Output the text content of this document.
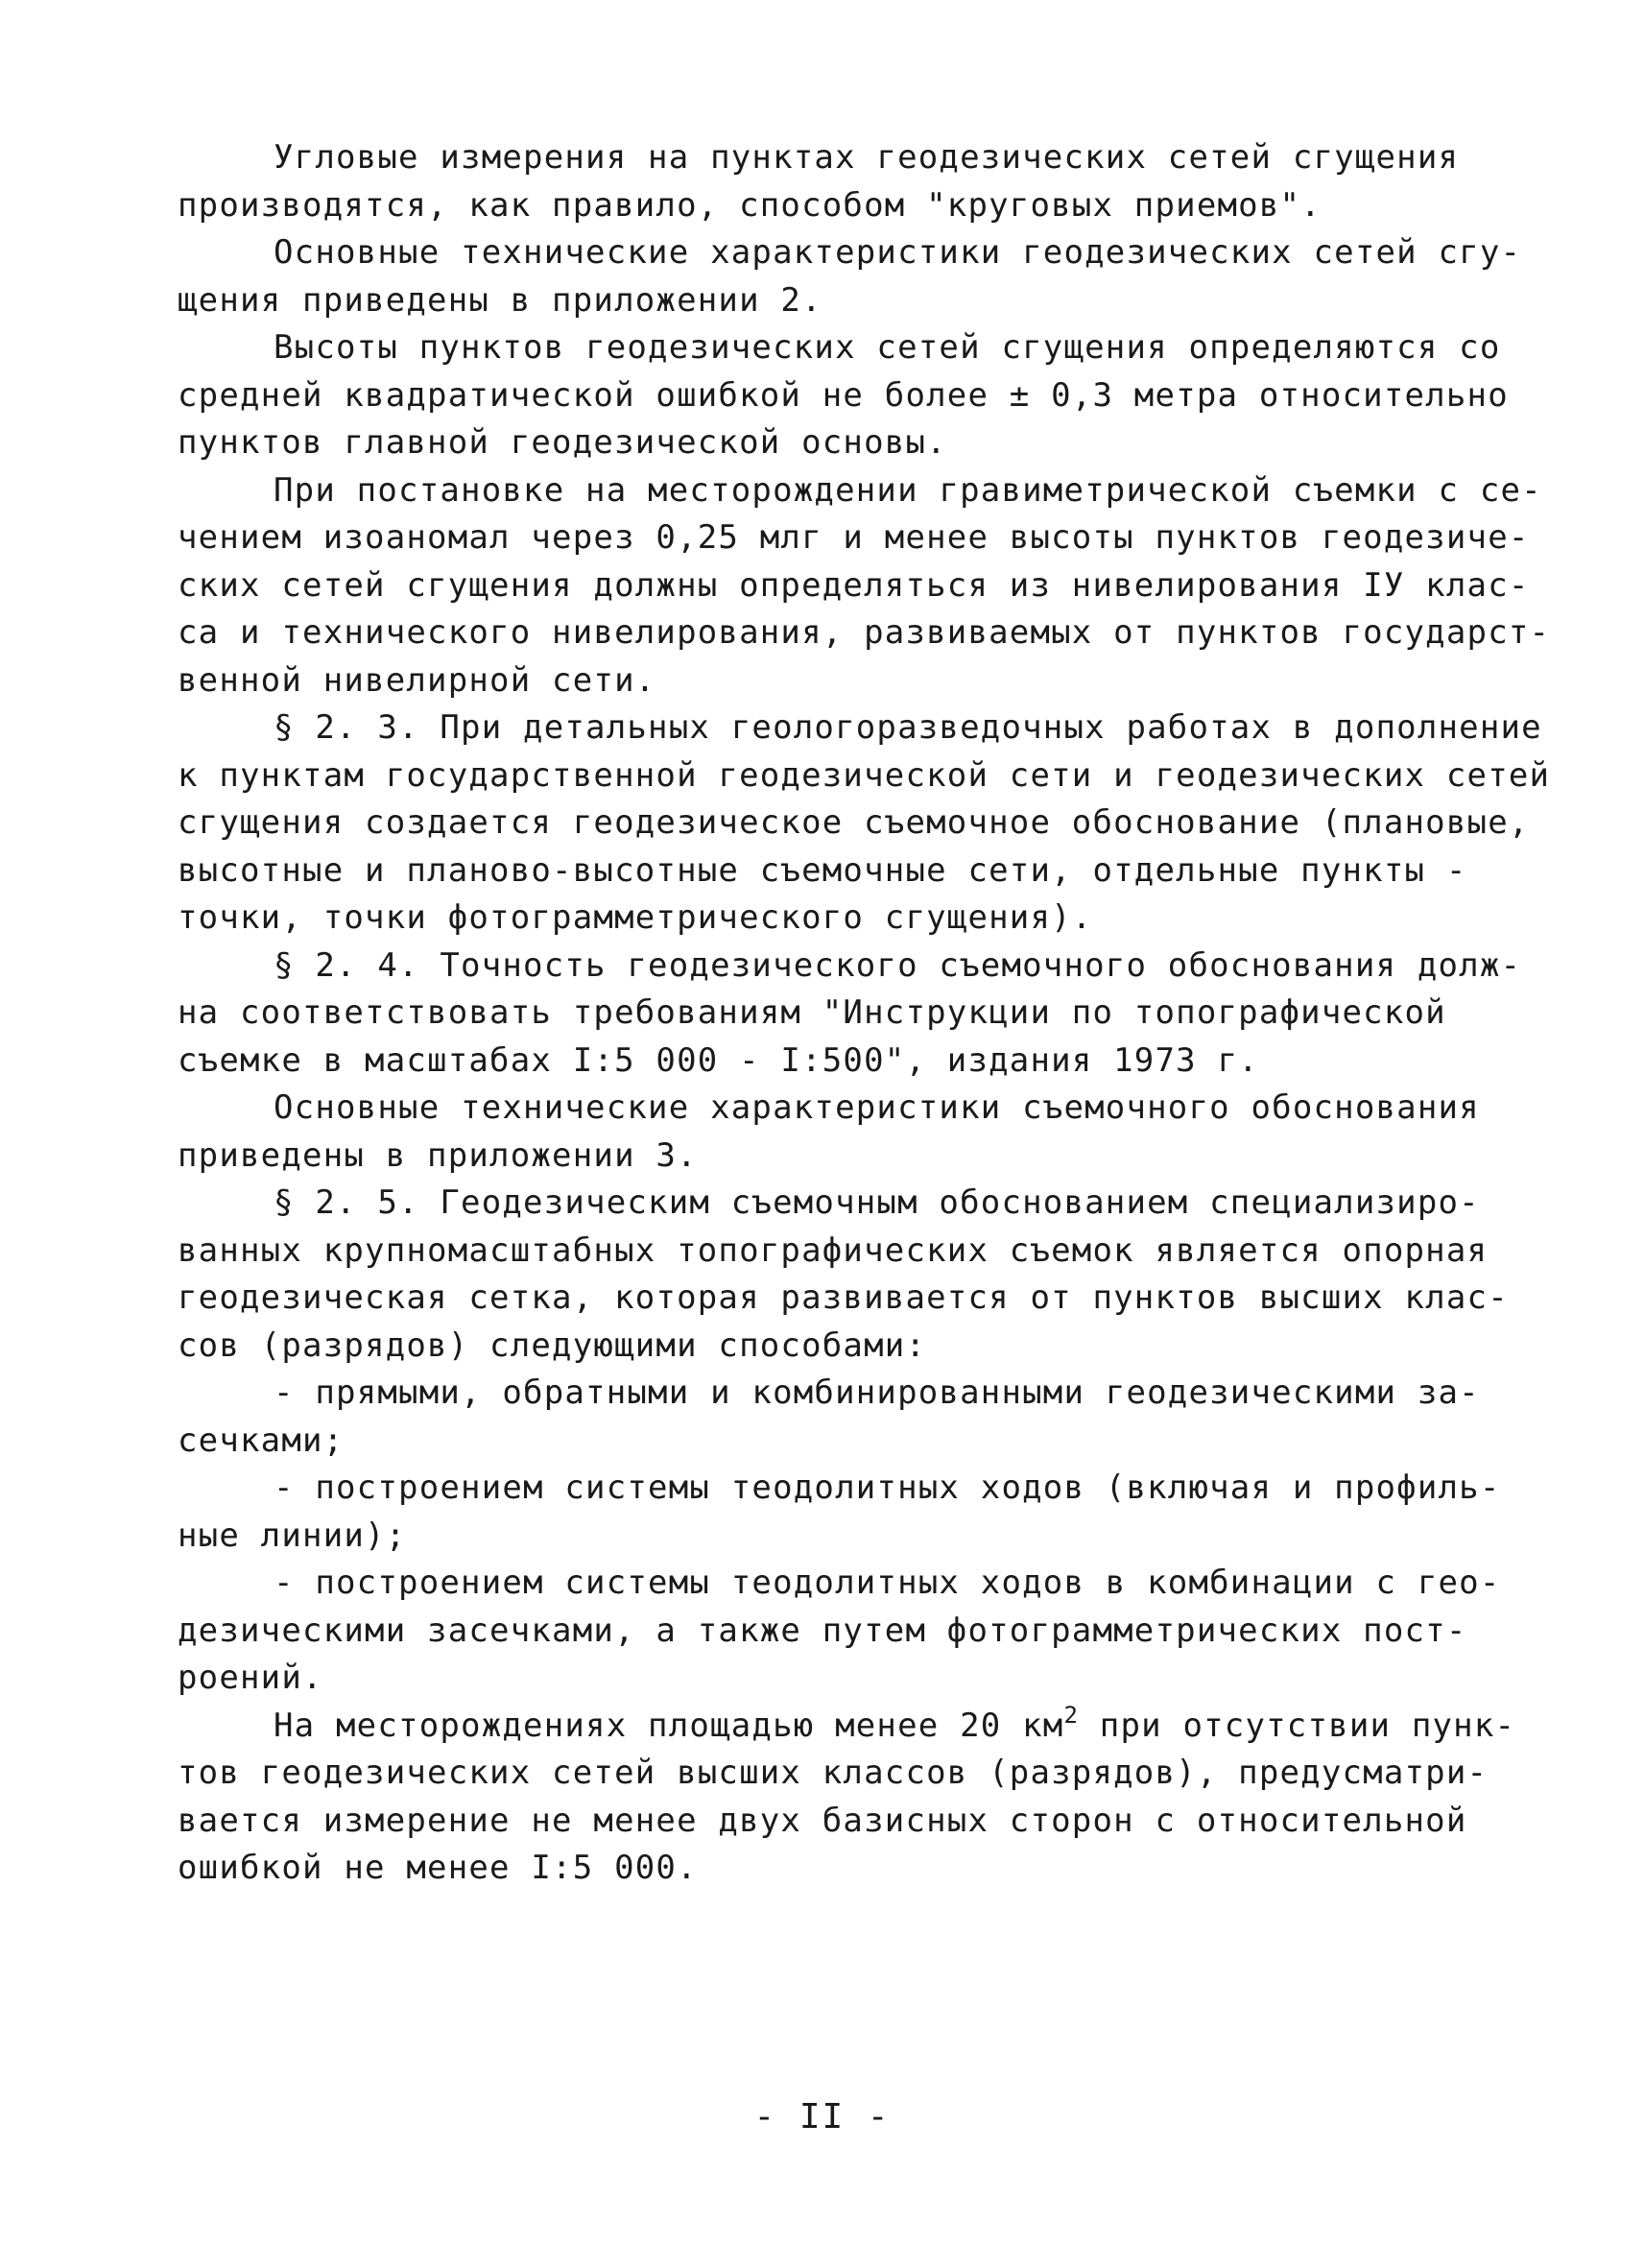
Угловые измерения на пунктах геодезических сетей сгущения
производятся, как правило, способом "круговых приемов".
Основные технические характеристики геодезических сетей сгу-
щения приведены в приложении 2.
Высоты пунктов геодезических сетей сгущения определяются со
средней квадратической ошибкой не более ± 0,3 метра относительно
пунктов главной геодезической основы.
При постановке на месторождении гравиметрической съемки с се-
чением изоаномал через 0,25 млг и менее высоты пунктов геодезиче-
ских сетей сгущения должны определяться из нивелирования IУ клас-
са и технического нивелирования, развиваемых от пунктов государст-
венной нивелирной сети.
§ 2. 3. При детальных геологоразведочных работах в дополнение
к пунктам государственной геодезической сети и геодезических сетей
сгущения создается геодезическое съемочное обоснование (плановые,
высотные и планово-высотные съемочные сети, отдельные пункты -
точки, точки фотограмметрического сгущения).
§ 2. 4. Точность геодезического съемочного обоснования долж-
на соответствовать требованиям "Инструкции по топографической
съемке в масштабах I:5 000 - I:500", издания 1973 г.
Основные технические характеристики съемочного обоснования
приведены в приложении 3.
§ 2. 5. Геодезическим съемочным обоснованием специализиро-
ванных крупномасштабных топографических съемок является опорная
геодезическая сетка, которая развивается от пунктов высших клас-
сов (разрядов) следующими способами:
- прямыми, обратными и комбинированными геодезическими за-
сечками;
- построением системы теодолитных ходов (включая и профиль-
ные линии);
- построением системы теодолитных ходов в комбинации с гео-
дезическими засечками, а также путем фотограмметрических пост-
роений.
На месторождениях площадью менее 20 $км^2$ при отсутствии пунк-
тов геодезических сетей высших классов (разрядов), предусматри-
вается измерение не менее двух базисных сторон с относительной
ошибкой не менее I:5 000.
- II -
